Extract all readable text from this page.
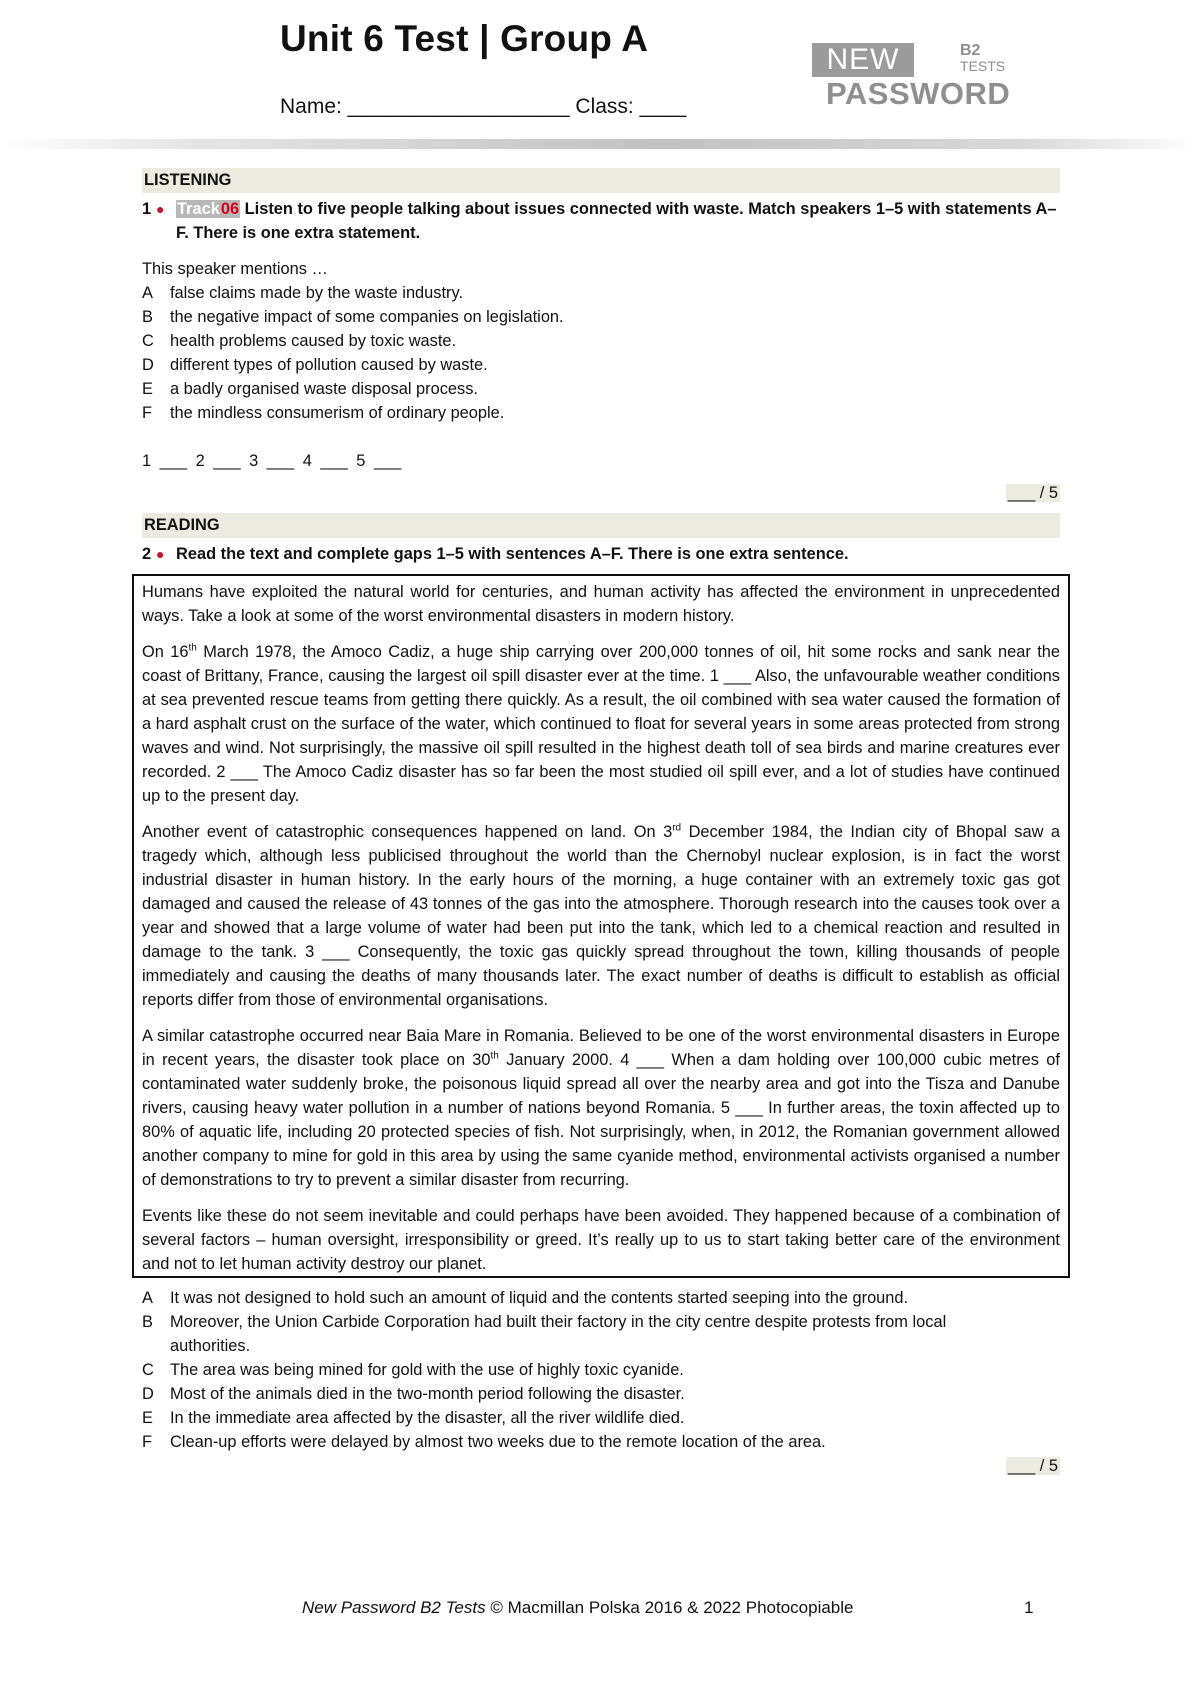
Unit 6 Test | Group A
Name: ___________________ Class: ____
NEW	B2
TESTS
PASSWORD
LISTENING
1 ● Track06 Listen to five people talking about issues connected with waste. Match speakers 1–5 with statements A–F. There is one extra statement.
This speaker mentions …
A	false claims made by the waste industry.
B	the negative impact of some companies on legislation.
C health problems caused by toxic waste.
D different types of pollution caused by waste.
E	a badly organised waste disposal process.
F	the mindless consumerism of ordinary people.
1 ___ 2 ___ 3 ___ 4 ___ 5 ___
___ / 5
READING
2 ● Read the text and complete gaps 1–5 with sentences A–F. There is one extra sentence.

Humans have exploited the natural world for centuries, and human activity has affected the environment in unprecedented ways. Take a look at some of the worst environmental disasters in modern history.

On 16th March 1978, the Amoco Cadiz, a huge ship carrying over 200,000 tonnes of oil, hit some rocks and sank near the coast of Brittany, France, causing the largest oil spill disaster ever at the time. 1 ___ Also, the unfavourable weather conditions at sea prevented rescue teams from getting there quickly. As a result, the oil combined with sea water caused the formation of a hard asphalt crust on the surface of the water, which continued to float for several years in some areas protected from strong waves and wind. Not surprisingly, the massive oil spill resulted in the highest death toll of sea birds and marine creatures ever recorded. 2 ___ The Amoco Cadiz disaster has so far been the most studied oil spill ever, and a lot of studies have continued up to the present day.

Another event of catastrophic consequences happened on land. On 3rd December 1984, the Indian city of Bhopal saw a tragedy which, although less publicised throughout the world than the Chernobyl nuclear explosion, is in fact the worst industrial disaster in human history. In the early hours of the morning, a huge container with an extremely toxic gas got damaged and caused the release of 43 tonnes of the gas into the atmosphere. Thorough research into the causes took over a year and showed that a large volume of water had been put into the tank, which led to a chemical reaction and resulted in damage to the tank. 3 ___ Consequently, the toxic gas quickly spread throughout the town, killing thousands of people immediately and causing the deaths of many thousands later. The exact number of deaths is difficult to establish as official reports differ from those of environmental organisations.

A similar catastrophe occurred near Baia Mare in Romania. Believed to be one of the worst environmental disasters in Europe in recent years, the disaster took place on 30th January 2000. 4 ___ When a dam holding over 100,000 cubic metres of contaminated water suddenly broke, the poisonous liquid spread all over the nearby area and got into the Tisza and Danube rivers, causing heavy water pollution in a number of nations beyond Romania. 5 ___ In further areas, the toxin affected up to 80% of aquatic life, including 20 protected species of fish. Not surprisingly, when, in 2012, the Romanian government allowed another company to mine for gold in this area by using the same cyanide method, environmental activists organised a number of demonstrations to try to prevent a similar disaster from recurring.

Events like these do not seem inevitable and could perhaps have been avoided. They happened because of a combination of several factors – human oversight, irresponsibility or greed. It’s really up to us to start taking better care of the environment and not to let human activity destroy our planet.

A	It was not designed to hold such an amount of liquid and the contents started seeping into the ground.
B	Moreover, the Union Carbide Corporation had built their factory in the city centre despite protests from local authorities.
C The area was being mined for gold with the use of highly toxic cyanide.
D Most of the animals died in the two-month period following the disaster.
E	In the immediate area affected by the disaster, all the river wildlife died.
F	Clean-up efforts were delayed by almost two weeks due to the remote location of the area.
___ / 5
New Password B2 Tests © Macmillan Polska 2016 & 2022 Photocopiable	1
